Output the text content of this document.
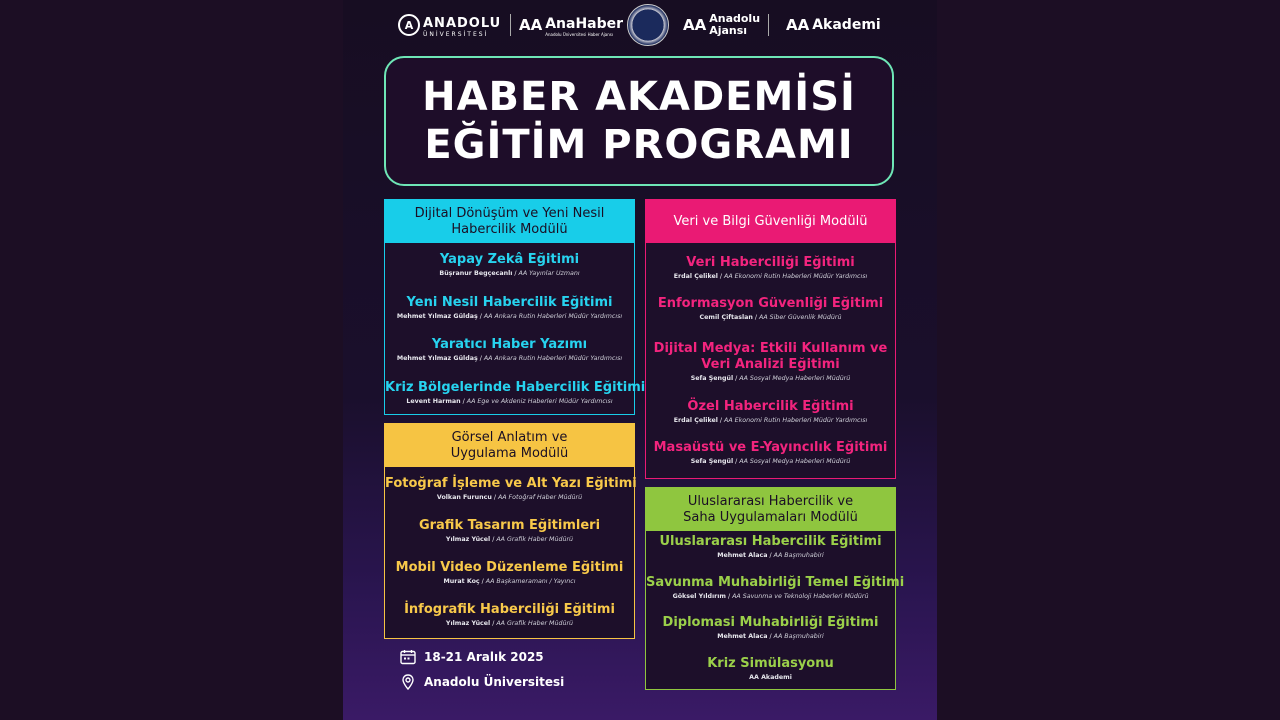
A ANADOLU
ÜNİVERSİTESİ
AA AnaHaber
Anadolu Üniversitesi Haber Ajansı
AA Anadolu
Ajansı	AA Akademi
HABER AKADEMİSİ
EĞİTİM PROGRAMI
Dijital Dönüşüm ve Yeni Nesil
Habercilik Modülü
Yapay Zekâ Eğitimi
Büşranur Begçecanlı / AA Yayınlar Uzmanı
Yeni Nesil Habercilik Eğitimi
Mehmet Yılmaz Güldaş / AA Ankara Rutin Haberleri Müdür Yardımcısı
Yaratıcı Haber Yazımı
Mehmet Yılmaz Güldaş / AA Ankara Rutin Haberleri Müdür Yardımcısı
Kriz Bölgelerinde Habercilik Eğitimi
Levent Harman / AA Ege ve Akdeniz Haberleri Müdür Yardımcısı
Veri ve Bilgi Güvenliği Modülü
Veri Haberciliği Eğitimi
Erdal Çelikel / AA Ekonomi Rutin Haberleri Müdür Yardımcısı
Enformasyon Güvenliği Eğitimi
Cemil Çiftaslan / AA Siber Güvenlik Müdürü
Dijital Medya: Etkili Kullanım ve
Veri Analizi Eğitimi
Sefa Şengül / AA Sosyal Medya Haberleri Müdürü
Özel Habercilik Eğitimi
Erdal Çelikel / AA Ekonomi Rutin Haberleri Müdür Yardımcısı
Masaüstü ve E-Yayıncılık Eğitimi
Sefa Şengül / AA Sosyal Medya Haberleri Müdürü
Görsel Anlatım ve
Uygulama Modülü
Fotoğraf İşleme ve Alt Yazı Eğitimi
Volkan Furuncu / AA Fotoğraf Haber Müdürü
Grafik Tasarım Eğitimleri
Yılmaz Yücel / AA Grafik Haber Müdürü
Mobil Video Düzenleme Eğitimi
Murat Koç / AA Başkameramanı / Yayıncı
İnfografik Haberciliği Eğitimi
Yılmaz Yücel / AA Grafik Haber Müdürü
Uluslararası Habercilik ve
Saha Uygulamaları Modülü
Uluslararası Habercilik Eğitimi
Mehmet Alaca / AA Başmuhabiri
Savunma Muhabirliği Temel Eğitimi
Göksel Yıldırım / AA Savunma ve Teknoloji Haberleri Müdürü
Diplomasi Muhabirliği Eğitimi
Mehmet Alaca / AA Başmuhabiri
Kriz Simülasyonu
AA Akademi
18-21 Aralık 2025
Anadolu Üniversitesi
